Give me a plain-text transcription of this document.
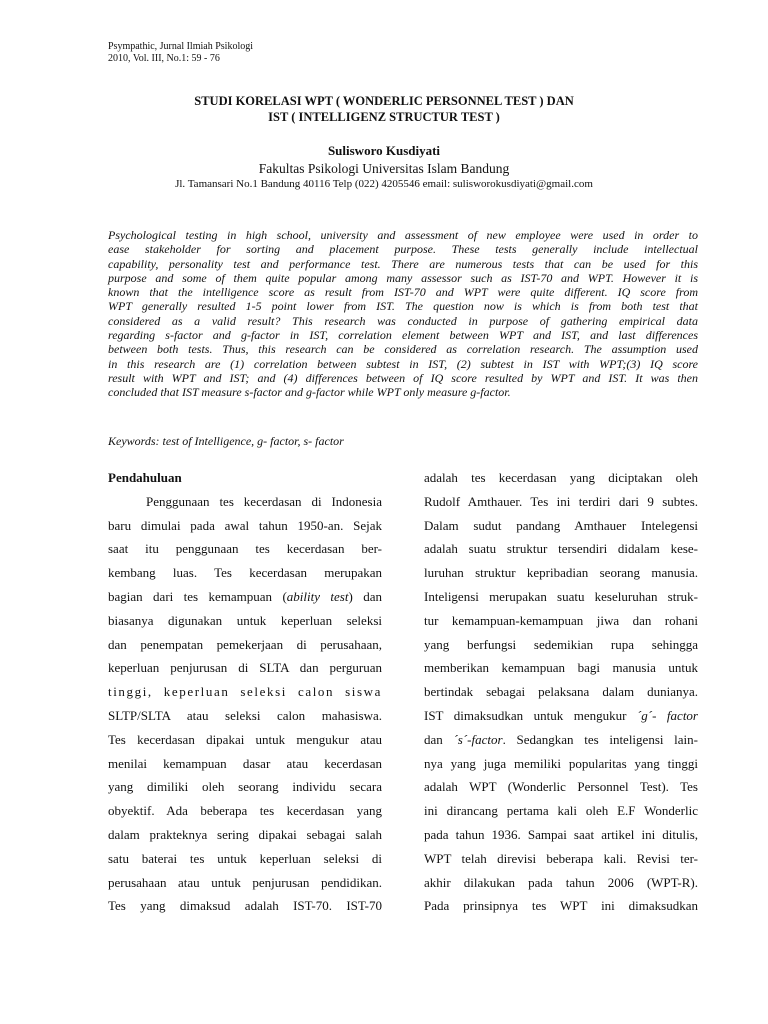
Psympathic, Jurnal Ilmiah Psikologi
2010, Vol. III, No.1: 59 - 76
STUDI KORELASI WPT ( WONDERLIC PERSONNEL TEST ) DAN
IST ( INTELLIGENZ STRUCTUR TEST )
Sulisworo Kusdiyati
Fakultas Psikologi Universitas Islam Bandung
Jl. Tamansari No.1 Bandung 40116 Telp (022) 4205546 email: sulisworokusdiyati@gmail.com

Psychological testing in high school, university and assessment of new employee were used in order to

ease stakeholder for sorting and placement purpose. These tests generally include intellectual

capability, personality test and performance test. There are numerous tests that can be used for this

purpose and some of them quite popular among many assessor such as IST-70 and WPT. However it is

known that the intelligence score as result from IST-70 and WPT were quite different. IQ score from

WPT generally resulted 1-5 point lower from IST. The question now is which is from both test that

considered as a valid result? This research was conducted in purpose of gathering empirical data

regarding s-factor and g-factor in IST, correlation element between WPT and IST, and last differences

between both tests. Thus, this research can be considered as correlation research. The assumption used

in this research are (1) correlation between subtest in IST, (2) subtest in IST with WPT;(3) IQ score

result with WPT and IST; and (4) differences between of IQ score resulted by WPT and IST. It was then

concluded that IST measure s-factor and g-factor while WPT only measure g-factor.

Keywords: test of Intelligence, g- factor, s- factor

Pendahuluan

Penggunaan tes kecerdasan di Indonesia

baru dimulai pada awal tahun 1950-an. Sejak

saat itu penggunaan tes kecerdasan ber-

kembang luas. Tes kecerdasan merupakan

bagian dari tes kemampuan (ability test) dan

biasanya digunakan untuk keperluan seleksi

dan penempatan pemekerjaan di perusahaan,

keperluan penjurusan di SLTA dan perguruan

tinggi, keperluan seleksi calon siswa

SLTP/SLTA atau seleksi calon mahasiswa.

Tes kecerdasan dipakai untuk mengukur atau

menilai kemampuan dasar atau kecerdasan

yang dimiliki oleh seorang individu secara

obyektif. Ada beberapa tes kecerdasan yang

dalam prakteknya sering dipakai sebagai salah

satu baterai tes untuk keperluan seleksi di

perusahaan atau untuk penjurusan pendidikan.

Tes yang dimaksud adalah IST-70. IST-70

adalah tes kecerdasan yang diciptakan oleh

Rudolf Amthauer. Tes ini terdiri dari 9 subtes.

Dalam sudut pandang Amthauer Intelegensi

adalah suatu struktur tersendiri didalam kese-

luruhan struktur kepribadian seorang manusia.

Inteligensi merupakan suatu keseluruhan struk-

tur kemampuan-kemampuan jiwa dan rohani

yang berfungsi sedemikian rupa sehingga

memberikan kemampuan bagi manusia untuk

bertindak sebagai pelaksana dalam dunianya.

IST dimaksudkan untuk mengukur ´g´- factor

dan ´s´-factor. Sedangkan tes inteligensi lain-

nya yang juga memiliki popularitas yang tinggi

adalah WPT (Wonderlic Personnel Test). Tes

ini dirancang pertama kali oleh E.F Wonderlic

pada tahun 1936. Sampai saat artikel ini ditulis,

WPT telah direvisi beberapa kali. Revisi ter-

akhir dilakukan pada tahun 2006 (WPT-R).

Pada prinsipnya tes WPT ini dimaksudkan
